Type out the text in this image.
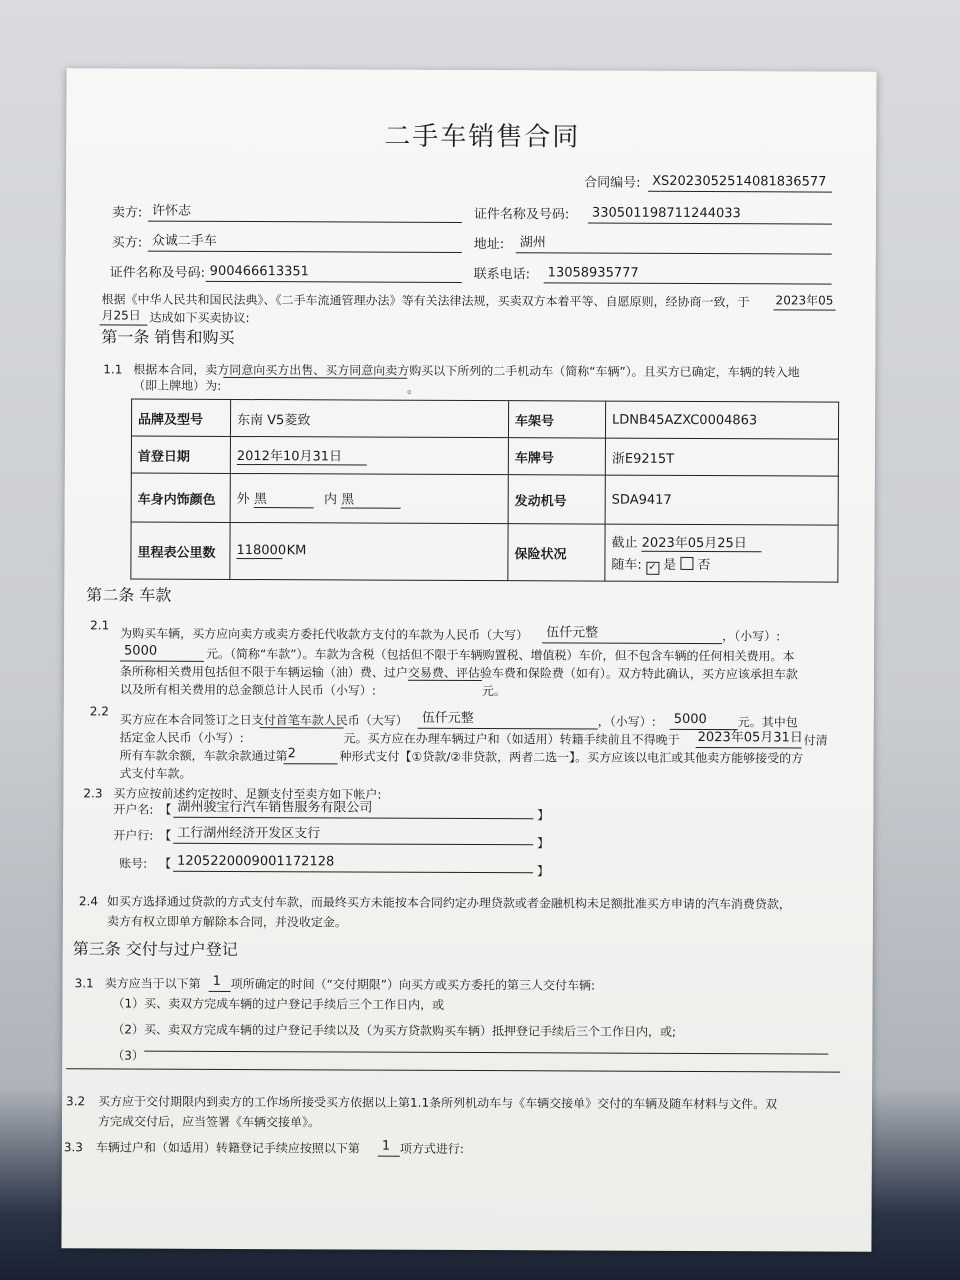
二手车销售合同
合同编号: XS2023052514081836577
卖方: 许怀志	证件名称及号码:	330501198711244033
买方: 众诚二手车	地址:	湖州
证件名称及号码: 900466613351	联系电话:	13058935777
根据《中华人民共和国民法典》、《二手车流通管理办法》等有关法律法规，买卖双方本着平等、自愿原则，经协商一致，于 2023年05
月25日 达成如下买卖协议:
第一条 销售和购买
1.1 根据本合同，卖方同意向买方出售、买方同意向卖方购买以下所列的二手机动车（简称“车辆”）。且买方已确定，车辆的转入地
（即上牌地）为:	。
品牌及型号	东南 V5菱致	车架号	LDNB45AZXC0004863
首登日期	2012年10月31日	车牌号	浙E9215T
车身内饰颜色	外 黑 内 黑	发动机号	SDA9417
里程表公里数	118000 KM	保险状况	截止 2023年05月25日
随车: ✓ 是 否
第二条 车款
2.1
为购买车辆，买方应向卖方或卖方委托代收款方支付的车款为人民币（大写）	伍仟元整	，（小写）:
5000	元。（简称“车款”）。车款为含税（包括但不限于车辆购置税、增值税）车价，但不包含车辆的任何相关费用。本
条所称相关费用包括但不限于车辆运输（油）费、过户交易费、评估验车费和保险费（如有）。双方特此确认，买方应该承担车款
以及所有相关费用的总金额总计人民币（小写）:	元。
2.2
买方应在本合同签订之日支付首笔车款人民币（大写）	伍仟元整	，（小写）:	5000	元。其中包
括定金人民币（小写）:	元。买方应在办理车辆过户和（如适用）转籍手续前且不得晚于 2023年05月31日 付清
所有车款余额，车款余款通过第 2	种形式支付【①贷款/②非贷款，两者二选一】。买方应该以电汇或其他卖方能够接受的方
式支付车款。
2.3 买方应按前述约定按时、足额支付至卖方如下帐户:
开户名: 【 湖州骏宝行汽车销售服务有限公司	】
开户行: 【 工行湖州经济开发区支行
】
账号: 【 1205220009001172128
】
2.4 如买方选择通过贷款的方式支付车款，而最终买方未能按本合同约定办理贷款或者金融机构未足额批准买方申请的汽车消费贷款，
卖方有权立即单方解除本合同，并没收定金。
第三条 交付与过户登记
3.1 卖方应当于以下第 1 项所确定的时间（“交付期限”）向买方或买方委托的第三人交付车辆:
（1）买、卖双方完成车辆的过户登记手续后三个工作日内，或
（2）买、卖双方完成车辆的过户登记手续以及（为买方贷款购买车辆）抵押登记手续后三个工作日内，或;
（3）
3.2 买方应于交付期限内到卖方的工作场所接受买方依据以上第1.1条所列机动车与《车辆交接单》交付的车辆及随车材料与文件。双
方完成交付后，应当签署《车辆交接单》。
3.3 车辆过户和（如适用）转籍登记手续应按照以下第	1 项方式进行:
